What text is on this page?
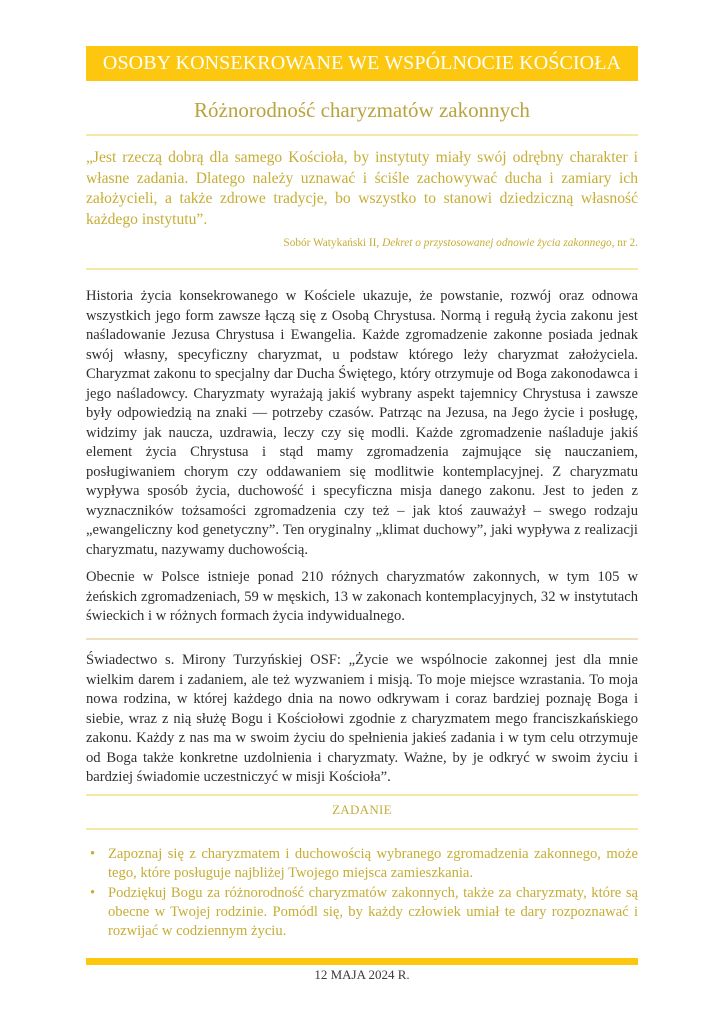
OSOBY KONSEKROWANE WE WSPÓLNOCIE KOŚCIOŁA
Różnorodność charyzmatów zakonnych

„Jest rzeczą dobrą dla samego Kościoła, by instytuty miały swój odrębny charakter i własne zadania. Dlatego należy uznawać i ściśle zachowywać ducha i zamiary ich założycieli, a także zdrowe tradycje, bo wszystko to stanowi dziedziczną własność każdego instytutu”.

Sobór Watykański II, Dekret o przystosowanej odnowie życia zakonnego, nr 2.

Historia życia konsekrowanego w Kościele ukazuje, że powstanie, rozwój oraz odnowa wszystkich jego form zawsze łączą się z Osobą Chrystusa. Normą i regułą życia zakonu jest naśladowanie Jezusa Chrystusa i Ewangelia. Każde zgromadzenie zakonne posiada jednak swój własny, specyficzny charyzmat, u podstaw którego leży charyzmat założyciela. Charyzmat zakonu to specjalny dar Ducha Świętego, który otrzymuje od Boga zakonodawca i jego naśladowcy. Charyzmaty wyrażają jakiś wybrany aspekt tajemnicy Chrystusa i zawsze były odpowiedzią na znaki — potrzeby czasów. Patrząc na Jezusa, na Jego życie i posługę, widzimy jak naucza, uzdrawia, leczy czy się modli. Każde zgromadzenie naśladuje jakiś element życia Chrystusa i stąd mamy zgromadzenia zajmujące się nauczaniem, posługiwaniem chorym czy oddawaniem się modlitwie kontemplacyjnej. Z charyzmatu wypływa sposób życia, duchowość i specyficzna misja danego zakonu. Jest to jeden z wyznaczników tożsamości zgromadzenia czy też – jak ktoś zauważył – swego rodzaju „ewangeliczny kod genetyczny”. Ten oryginalny „klimat duchowy”, jaki wypływa z realizacji charyzmatu, nazywamy duchowością.

Obecnie w Polsce istnieje ponad 210 różnych charyzmatów zakonnych, w tym 105 w żeńskich zgromadzeniach, 59 w męskich, 13 w zakonach kontemplacyjnych, 32 w instytutach świeckich i w różnych formach życia indywidualnego.

Świadectwo s. Mirony Turzyńskiej OSF: „Życie we wspólnocie zakonnej jest dla mnie wielkim darem i zadaniem, ale też wyzwaniem i misją. To moje miejsce wzrastania. To moja nowa rodzina, w której każdego dnia na nowo odkrywam i coraz bardziej poznaję Boga i siebie, wraz z nią służę Bogu i Kościołowi zgodnie z charyzmatem mego franciszkańskiego zakonu. Każdy z nas ma w swoim życiu do spełnienia jakieś zadania i w tym celu otrzymuje od Boga także konkretne uzdolnienia i charyzmaty. Ważne, by je odkryć w swoim życiu i bardziej świadomie uczestniczyć w misji Kościoła”.

ZADANIE
• Zapoznaj się z charyzmatem i duchowością wybranego zgromadzenia zakonnego, może tego, które posługuje najbliżej Twojego miejsca zamieszkania.
• Podziękuj Bogu za różnorodność charyzmatów zakonnych, także za charyzmaty, które są obecne w Twojej rodzinie. Pomódl się, by każdy człowiek umiał te dary rozpoznawać i rozwijać w codziennym życiu.
12 MAJA 2024 R.
